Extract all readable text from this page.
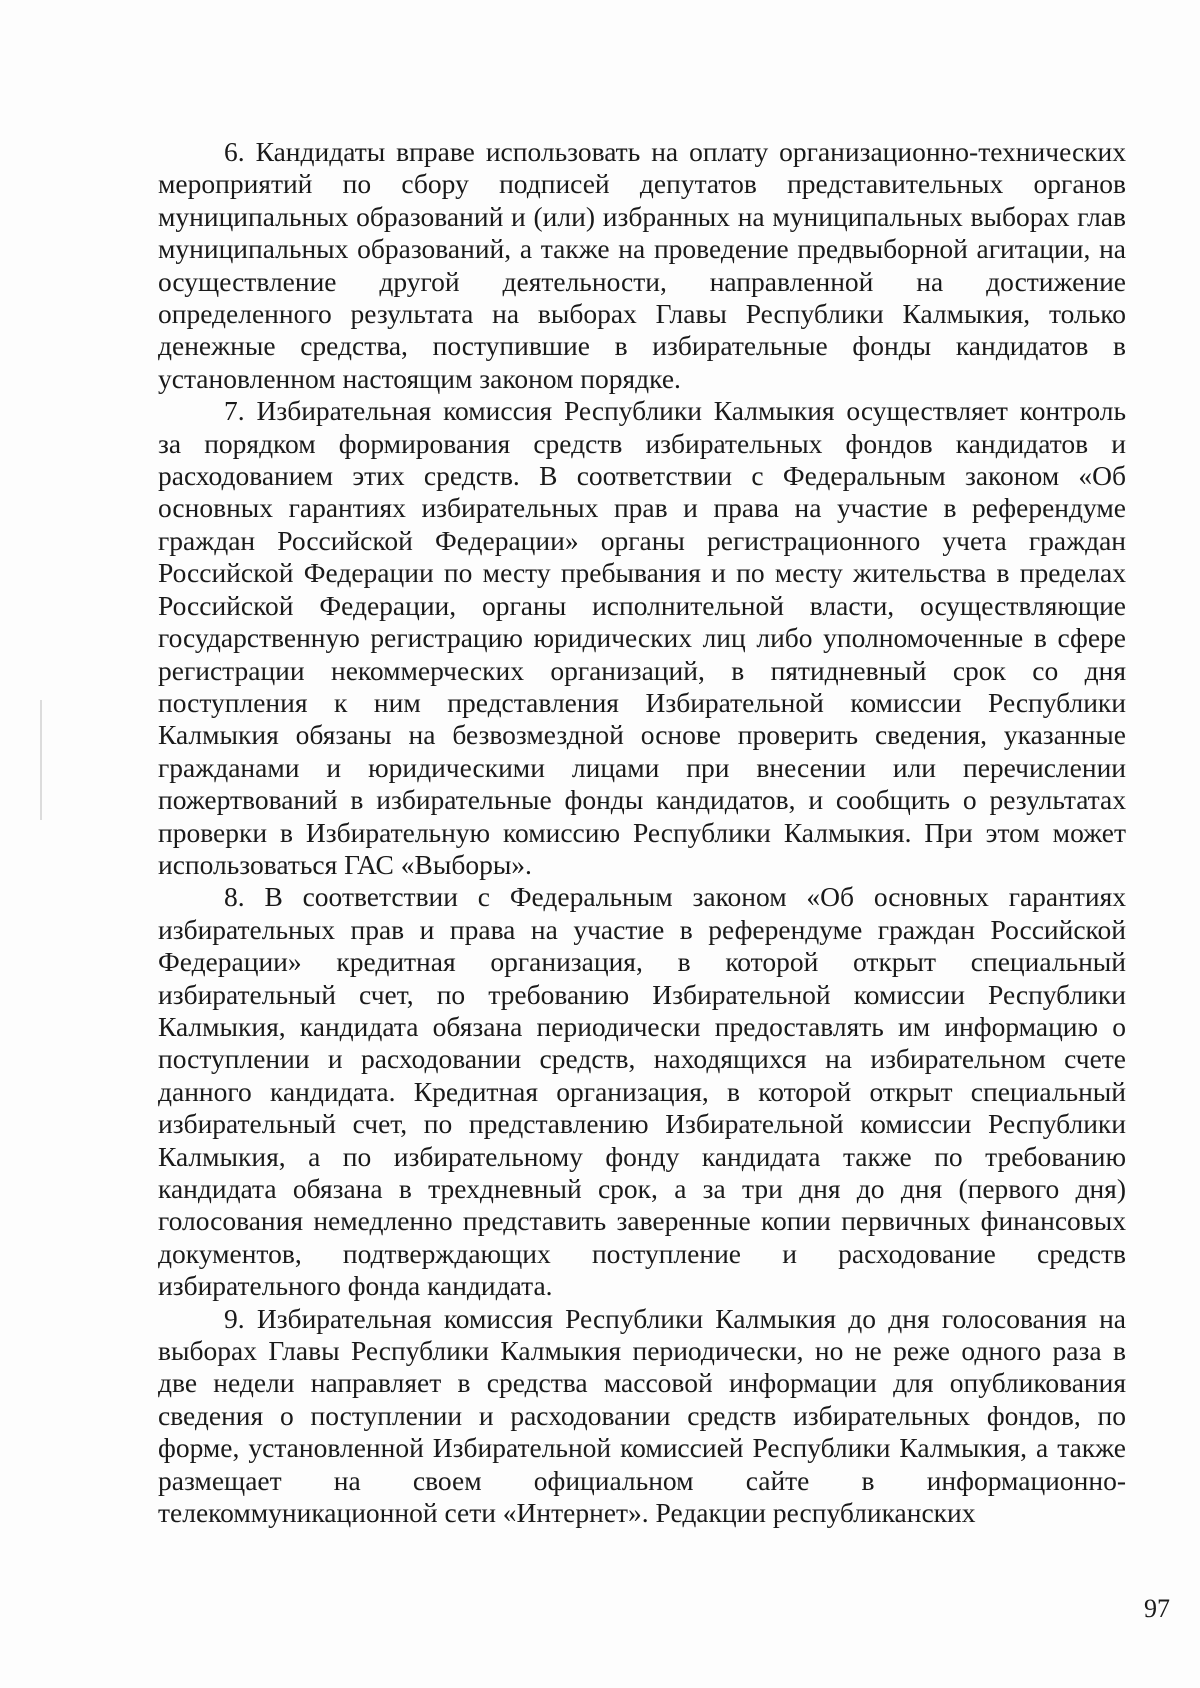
6. Кандидаты вправе использовать на оплату организационно-технических мероприятий по сбору подписей депутатов представительных органов муниципальных образований и (или) избранных на муниципальных выборах глав муниципальных образований, а также на проведение предвыборной агитации, на осуществление другой деятельности, направленной на достижение определенного результата на выборах Главы Республики Калмыкия, только денежные средства, поступившие в избирательные фонды кандидатов в установленном настоящим законом порядке.

7. Избирательная комиссия Республики Калмыкия осуществляет контроль за порядком формирования средств избирательных фондов кандидатов и расходованием этих средств. В соответствии с Федеральным законом «Об основных гарантиях избирательных прав и права на участие в референдуме граждан Российской Федерации» органы регистрационного учета граждан Российской Федерации по месту пребывания и по месту жительства в пределах Российской Федерации, органы исполнительной власти, осуществляющие государственную регистрацию юридических лиц либо уполномоченные в сфере регистрации некоммерческих организаций, в пятидневный срок со дня поступления к ним представления Избирательной комиссии Республики Калмыкия обязаны на безвозмездной основе проверить сведения, указанные гражданами и юридическими лицами при внесении или перечислении пожертвований в избирательные фонды кандидатов, и сообщить о результатах проверки в Избирательную комиссию Республики Калмыкия. При этом может использоваться ГАС «Выборы».

8. В соответствии с Федеральным законом «Об основных гарантиях избирательных прав и права на участие в референдуме граждан Российской Федерации» кредитная организация, в которой открыт специальный избирательный счет, по требованию Избирательной комиссии Республики Калмыкия, кандидата обязана периодически предоставлять им информацию о поступлении и расходовании средств, находящихся на избирательном счете данного кандидата. Кредитная организация, в которой открыт специальный избирательный счет, по представлению Избирательной комиссии Республики Калмыкия, а по избирательному фонду кандидата также по требованию кандидата обязана в трехдневный срок, а за три дня до дня (первого дня) голосования немедленно представить заверенные копии первичных финансовых документов, подтверждающих поступление и расходование средств избирательного фонда кандидата.

9. Избирательная комиссия Республики Калмыкия до дня голосования на выборах Главы Республики Калмыкия периодически, но не реже одного раза в две недели направляет в средства массовой информации для опубликования сведения о поступлении и расходовании средств избирательных фондов, по форме, установленной Избирательной комиссией Республики Калмыкия, а также размещает на своем официальном сайте в информационно-телекоммуникационной сети «Интернет». Редакции республиканских

97
